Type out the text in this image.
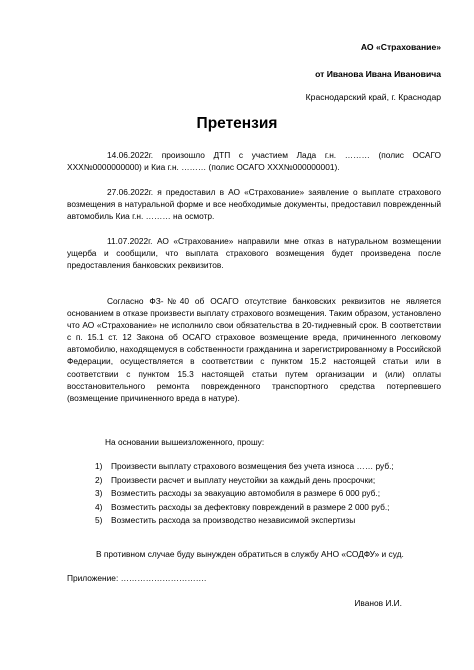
АО «Страхование»
от Иванова Ивана Ивановича
Краснодарский край, г. Краснодар
Претензия
14.06.2022г. произошло ДТП с участием Лада г.н. ……… (полис ОСАГО XXX№0000000000) и Киа г.н. ……… (полис ОСАГО XXX№000000001).
27.06.2022г. я предоставил в АО «Страхование» заявление о выплате страхового возмещения в натуральной форме и все необходимые документы, предоставил поврежденный автомобиль Киа г.н. ……… на осмотр.
11.07.2022г. АО «Страхование» направили мне отказ в натуральном возмещении ущерба и сообщили, что выплата страхового возмещения будет произведена после предоставления банковских реквизитов.
Согласно ФЗ-№40 об ОСАГО отсутствие банковских реквизитов не является основанием в отказе произвести выплату страхового возмещения. Таким образом, установлено что АО «Страхование» не исполнило свои обязательства в 20-тидневный срок. В соответствии с п. 15.1 ст. 12 Закона об ОСАГО страховое возмещение вреда, причиненного легковому автомобилю, находящемуся в собственности гражданина и зарегистрированному в Российской Федерации, осуществляется в соответствии с пунктом 15.2 настоящей статьи или в соответствии с пунктом 15.3 настоящей статьи путем организации и (или) оплаты восстановительного ремонта поврежденного транспортного средства потерпевшего (возмещение причиненного вреда в натуре).
На основании вышеизложенного, прошу:
1) Произвести выплату страхового возмещения без учета износа …… руб.;
2) Произвести расчет и выплату неустойки за каждый день просрочки;
3) Возместить расходы за эвакуацию автомобиля в размере 6 000 руб.;
4) Возместить расходы за дефектовку повреждений в размере 2 000 руб.;
5) Возместить расхода за производство независимой экспертизы
В противном случае буду вынужден обратиться в службу АНО «СОДФУ» и суд.
Приложение: ………………………….
Иванов И.И.
